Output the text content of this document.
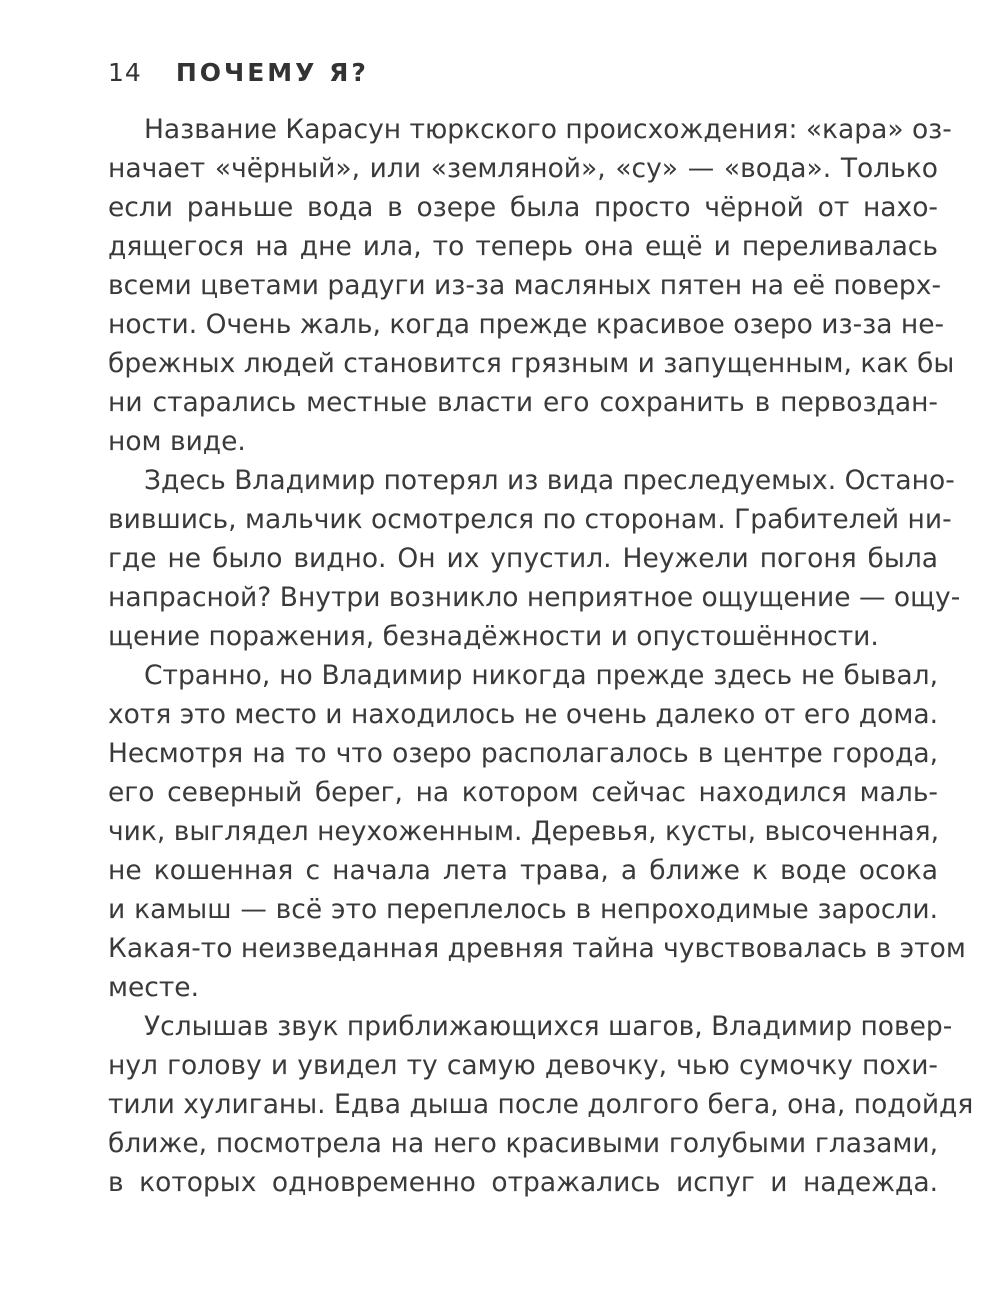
14 ПОЧЕМУ Я?
Название Карасун тюркского происхождения: «кара» оз-
начает «чёрный», или «земляной», «су» — «вода». Только
если раньше вода в озере была просто чёрной от нахо-
дящегося на дне ила, то теперь она ещё и переливалась
всеми цветами радуги из-за масляных пятен на её поверх-
ности. Очень жаль, когда прежде красивое озеро из-за не-
брежных людей становится грязным и запущенным, как бы
ни старались местные власти его сохранить в первоздан-
ном виде.
Здесь Владимир потерял из вида преследуемых. Остано-
вившись, мальчик осмотрелся по сторонам. Грабителей ни-
где не было видно. Он их упустил. Неужели погоня была
напрасной? Внутри возникло неприятное ощущение — ощу-
щение поражения, безнадёжности и опустошённости.
Странно, но Владимир никогда прежде здесь не бывал,
хотя это место и находилось не очень далеко от его дома.
Несмотря на то что озеро располагалось в центре города,
его северный берег, на котором сейчас находился маль-
чик, выглядел неухоженным. Деревья, кусты, высоченная,
не кошенная с начала лета трава, а ближе к воде осока
и камыш — всё это переплелось в непроходимые заросли.
Какая-то неизведанная древняя тайна чувствовалась в этом
месте.
Услышав звук приближающихся шагов, Владимир повер-
нул голову и увидел ту самую девочку, чью сумочку похи-
тили хулиганы. Едва дыша после долгого бега, она, подойдя
ближе, посмотрела на него красивыми голубыми глазами,
в которых одновременно отражались испуг и надежда.
